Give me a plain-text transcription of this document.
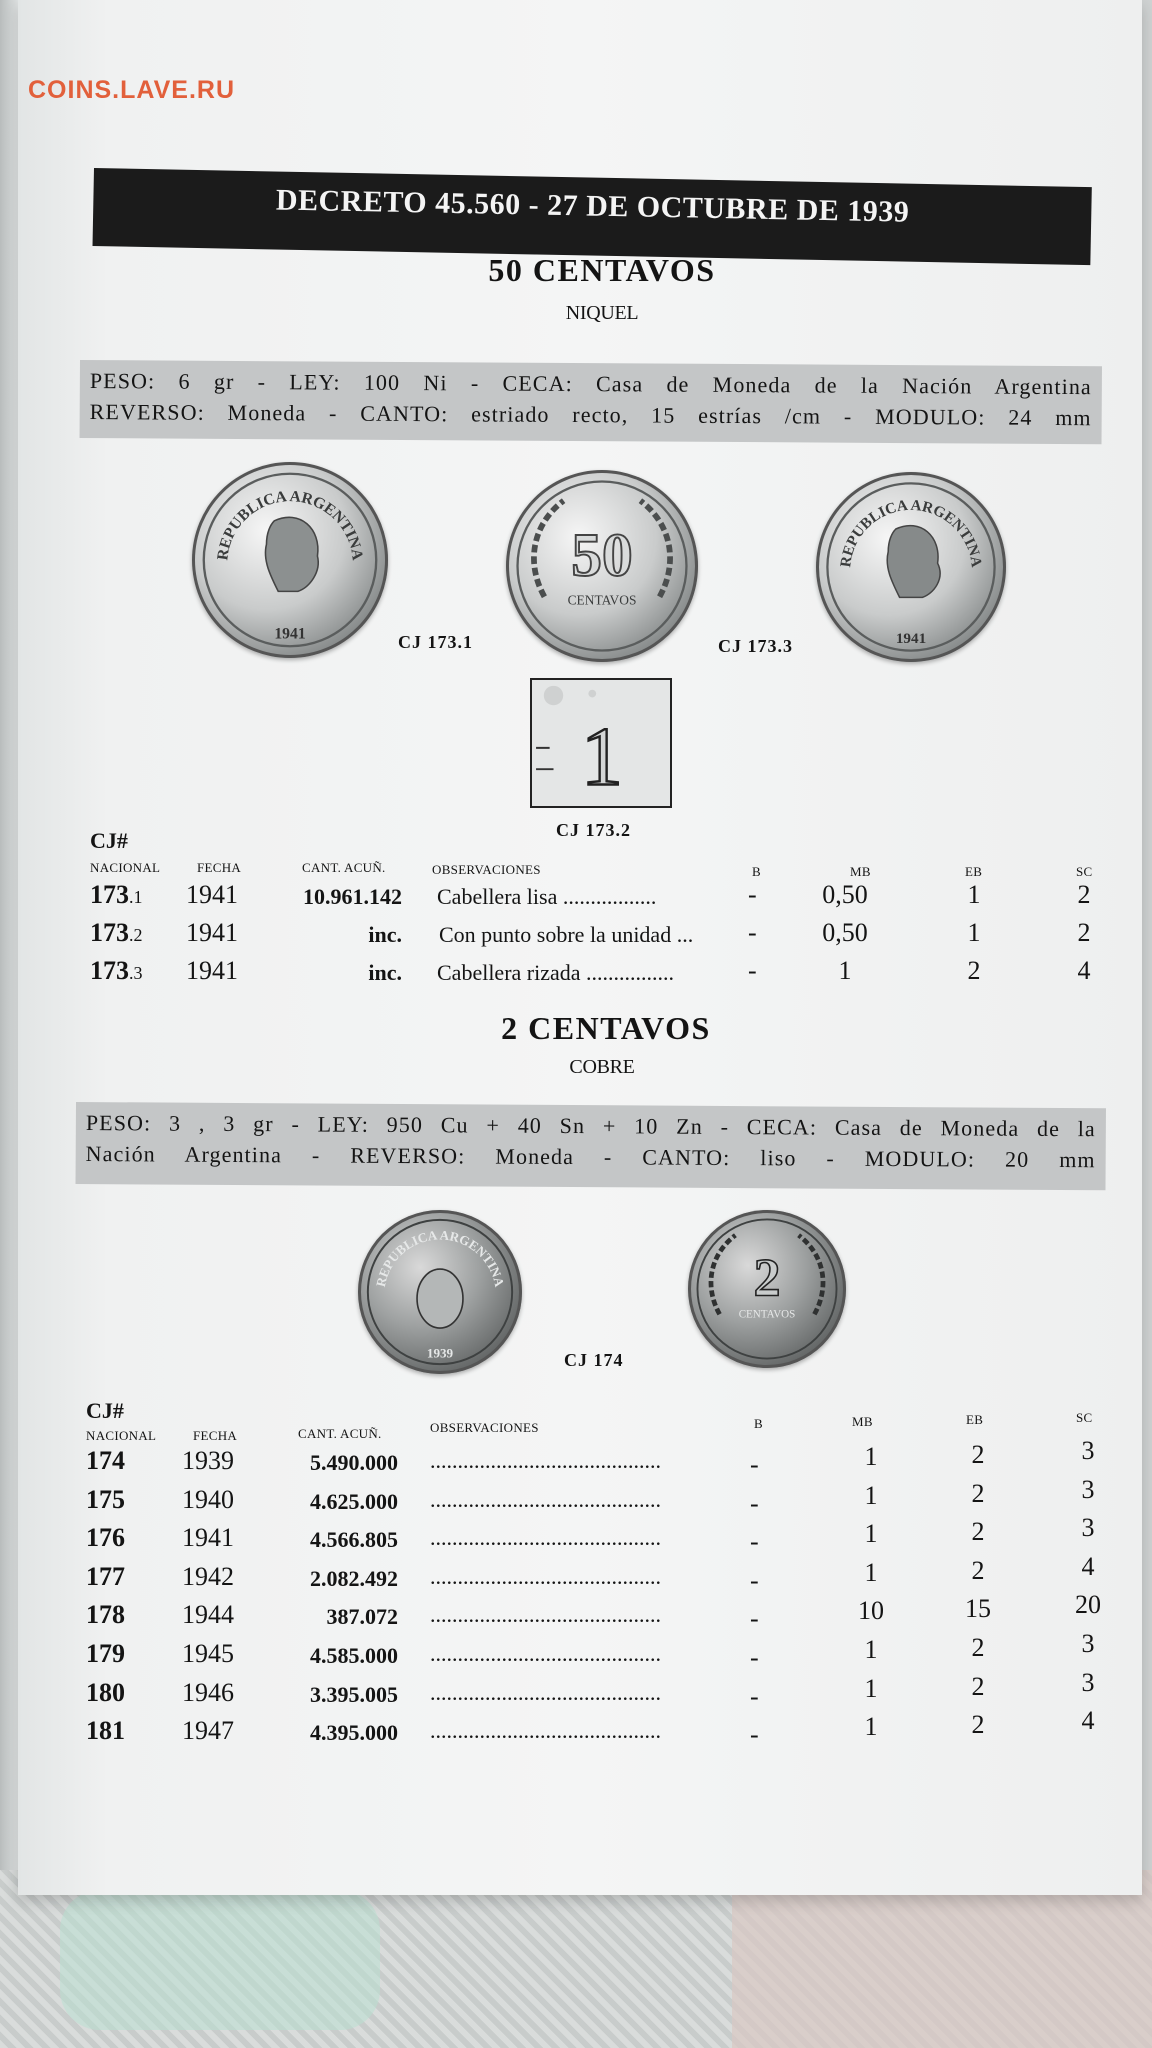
COINS.LAVE.RU
DECRETO 45.560 - 27 DE OCTUBRE DE 1939
50 CENTAVOS
NIQUEL
PESO: 6 gr - LEY: 100 Ni - CECA: Casa de Moneda de la Nación Argentina
REVERSO: Moneda - CANTO: estriado recto, 15 estrías /cm - MODULO: 24 mm
REPUBLICA ARGENTINA
1941
50
CENTAVOS
REPUBLICA ARGENTINA
1941
CJ 173.1	CJ 173.3
1
CJ 173.2
CJ#
NACIONAL	FECHA	CANT. ACUÑ.	OBSERVACIONES	B	MB	EB	SC
173.1 1941	10.961.142 Cabellera lisa .................	-	0,50	1	2
173.2 1941	inc. Con punto sobre la unidad ... -	0,50	1	2
173.3 1941	inc. Cabellera rizada ................	-	1	2	4
2 CENTAVOS
COBRE
PESO: 3 , 3 gr - LEY: 950 Cu + 40 Sn + 10 Zn - CECA: Casa de Moneda de la
Nación Argentina - REVERSO: Moneda - CANTO: liso - MODULO: 20 mm
REPUBLICA ARGENTINA
1939
2
CENTAVOS
CJ 174
CJ#
NACIONAL	FECHA	CANT. ACUÑ.	OBSERVACIONES	B	MB	EB	SC
174 1939	5.490.000 ..........................................	-	1	2	3
175 1940	4.625.000 ..........................................	-	1	2	3
176 1941	4.566.805 ..........................................	-	1	2	3
177 1942	2.082.492 ..........................................	-	1	2	4
178 1944	387.072 ..........................................	-	10	15	20
179 1945	4.585.000 ..........................................	-	1	2	3
180 1946	3.395.005 ..........................................	-	1	2	3
181 1947	4.395.000 ..........................................	-	1	2	4
